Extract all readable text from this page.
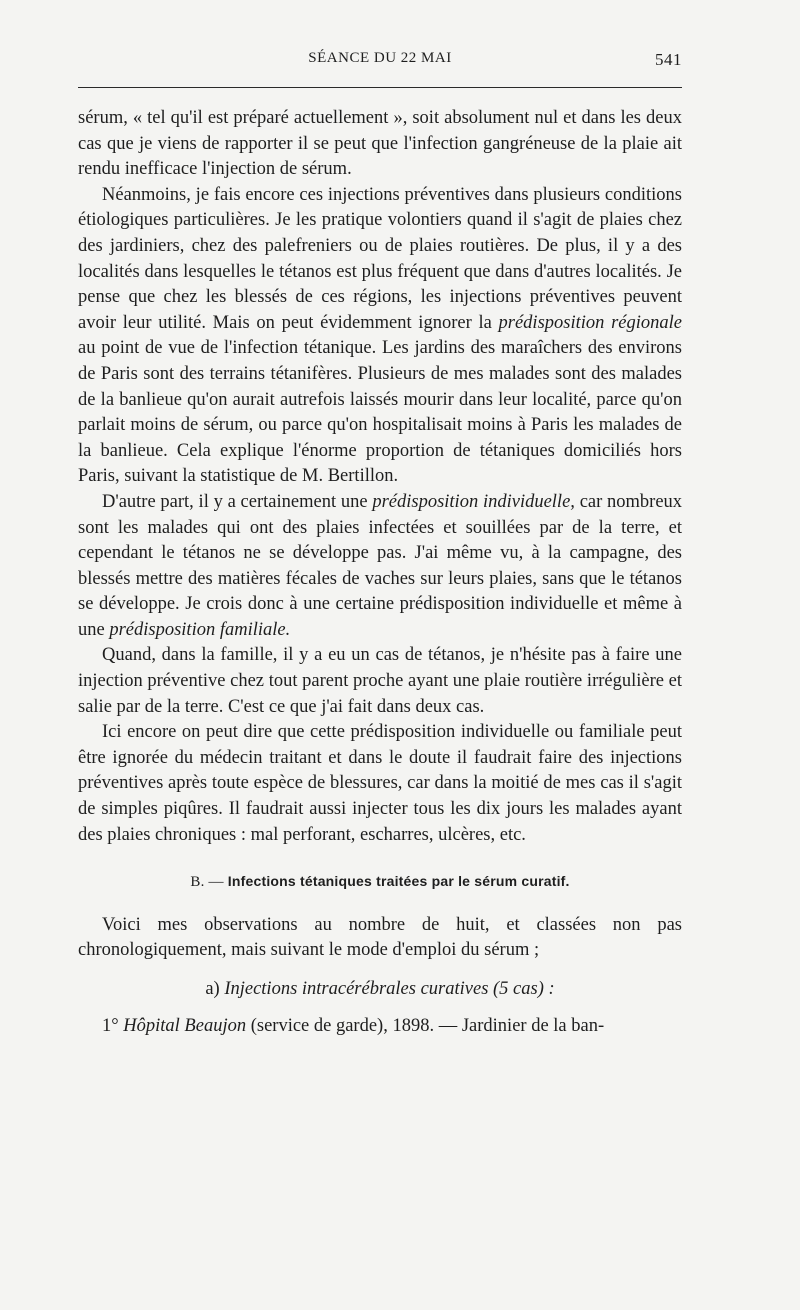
SÉANCE DU 22 MAI	541

sérum, « tel qu'il est préparé actuellement », soit absolument nul et dans les deux cas que je viens de rapporter il se peut que l'infection gangréneuse de la plaie ait rendu inefficace l'injection de sérum.

Néanmoins, je fais encore ces injections préventives dans plusieurs conditions étiologiques particulières. Je les pratique volontiers quand il s'agit de plaies chez des jardiniers, chez des palefreniers ou de plaies routières. De plus, il y a des localités dans lesquelles le tétanos est plus fréquent que dans d'autres localités. Je pense que chez les blessés de ces régions, les injections préventives peuvent avoir leur utilité. Mais on peut évidemment ignorer la prédisposition régionale au point de vue de l'infection tétanique. Les jardins des maraîchers des environs de Paris sont des terrains tétanifères. Plusieurs de mes malades sont des malades de la banlieue qu'on aurait autrefois laissés mourir dans leur localité, parce qu'on parlait moins de sérum, ou parce qu'on hospitalisait moins à Paris les malades de la banlieue. Cela explique l'énorme proportion de tétaniques domiciliés hors Paris, suivant la statistique de M. Bertillon.

D'autre part, il y a certainement une prédisposition individuelle, car nombreux sont les malades qui ont des plaies infectées et souillées par de la terre, et cependant le tétanos ne se développe pas. J'ai même vu, à la campagne, des blessés mettre des matières fécales de vaches sur leurs plaies, sans que le tétanos se développe. Je crois donc à une certaine prédisposition individuelle et même à une prédisposition familiale.

Quand, dans la famille, il y a eu un cas de tétanos, je n'hésite pas à faire une injection préventive chez tout parent proche ayant une plaie routière irrégulière et salie par de la terre. C'est ce que j'ai fait dans deux cas.

Ici encore on peut dire que cette prédisposition individuelle ou familiale peut être ignorée du médecin traitant et dans le doute il faudrait faire des injections préventives après toute espèce de blessures, car dans la moitié de mes cas il s'agit de simples piqûres. Il faudrait aussi injecter tous les dix jours les malades ayant des plaies chroniques : mal perforant, escharres, ulcères, etc.

B. — Infections tétaniques traitées par le sérum curatif.

Voici mes observations au nombre de huit, et classées non pas chronologiquement, mais suivant le mode d'emploi du sérum ;

a) Injections intracérébrales curatives (5 cas) :

1° Hôpital Beaujon (service de garde), 1898. — Jardinier de la ban-
